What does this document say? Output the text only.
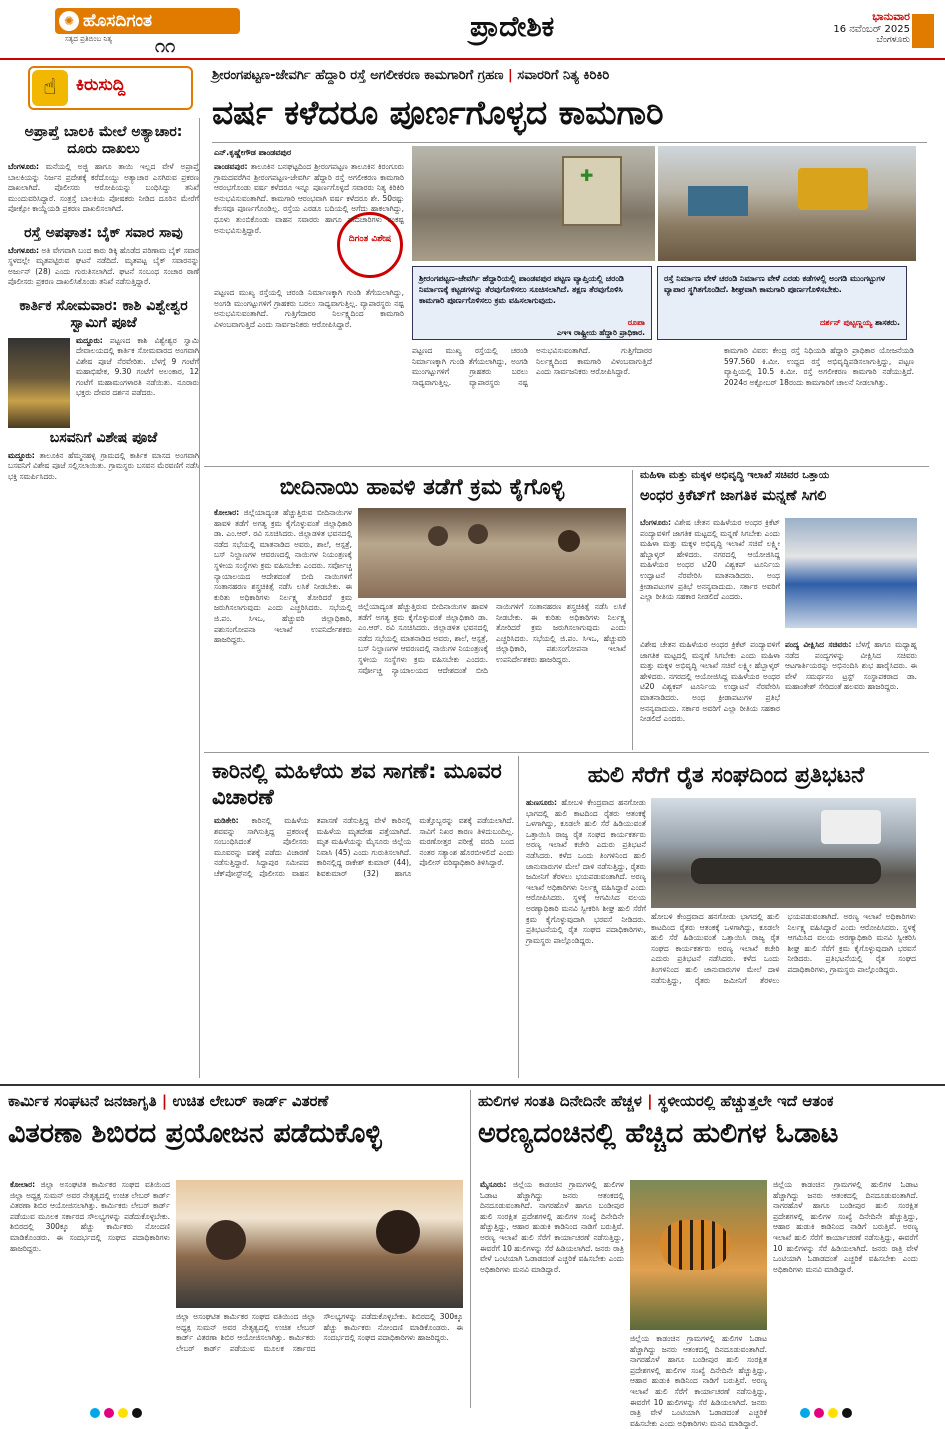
✺ ಹೊಸದಿಗಂತ
ಸತ್ಯದ ಪ್ರತಿಬಿಂಬ ನಿತ್ಯ ೧೧
ಪ್ರಾದೇಶಿಕ	ಭಾನುವಾರ
16 ನವೆಂಬರ್ 2025
ಬೆಂಗಳೂರು
☝	ಕಿರುಸುದ್ದಿ
ಅಪ್ರಾಪ್ತೆ ಬಾಲಕಿ ಮೇಲೆ ಅತ್ಯಾಚಾರ: ದೂರು ದಾಖಲು
ಬೆಂಗಳೂರು: ಮನೆಯಲ್ಲಿ ಅಜ್ಜಿ ಹಾಗೂ ತಾಯಿ ಇಲ್ಲದ ವೇಳೆ ಅಪ್ರಾಪ್ತೆ ಬಾಲಕಿಯನ್ನು ನಿರ್ಜನ ಪ್ರದೇಶಕ್ಕೆ ಕರೆದೊಯ್ದು ಅತ್ಯಾಚಾರ ಎಸಗಿರುವ ಪ್ರಕರಣ ದಾಖಲಾಗಿದೆ. ಪೊಲೀಸರು ಆರೋಪಿಯನ್ನು ಬಂಧಿಸಿದ್ದು ತನಿಖೆ ಮುಂದುವರಿಸಿದ್ದಾರೆ. ಸಂತ್ರಸ್ತೆ ಬಾಲಕಿಯ ಪೋಷಕರು ನೀಡಿದ ದೂರಿನ ಮೇರೆಗೆ ಪೋಕ್ಸೋ ಕಾಯ್ದೆಯಡಿ ಪ್ರಕರಣ ದಾಖಲಿಸಲಾಗಿದೆ.
ರಸ್ತೆ ಅಪಘಾತ: ಬೈಕ್ ಸವಾರ ಸಾವು
ಬೆಂಗಳೂರು: ಅತಿ ವೇಗವಾಗಿ ಬಂದ ಕಾರು ಡಿಕ್ಕಿ ಹೊಡೆದ ಪರಿಣಾಮ ಬೈಕ್ ಸವಾರ ಸ್ಥಳದಲ್ಲೇ ಮೃತಪಟ್ಟಿರುವ ಘಟನೆ ನಡೆದಿದೆ. ಮೃತಪಟ್ಟ ಬೈಕ್ ಸವಾರನನ್ನು ಅರ್ಜುನ್ (28) ಎಂದು ಗುರುತಿಸಲಾಗಿದೆ. ಘಟನೆ ಸಂಬಂಧ ಸಂಚಾರ ಠಾಣೆ ಪೊಲೀಸರು ಪ್ರಕರಣ ದಾಖಲಿಸಿಕೊಂಡು ತನಿಖೆ ನಡೆಸುತ್ತಿದ್ದಾರೆ.
ಕಾರ್ತಿಕ ಸೋಮವಾರ: ಕಾಶಿ ವಿಶ್ವೇಶ್ವರ ಸ್ವಾಮಿಗೆ ಪೂಜೆ
ಮದ್ದೂರು: ಪಟ್ಟಣದ ಕಾಶಿ ವಿಶ್ವೇಶ್ವರ ಸ್ವಾಮಿ ದೇವಾಲಯದಲ್ಲಿ ಕಾರ್ತಿಕ ಸೋಮವಾರದ ಅಂಗವಾಗಿ ವಿಶೇಷ ಪೂಜೆ ನೆರವೇರಿತು. ಬೆಳಗ್ಗೆ 9 ಗಂಟೆಗೆ ಮಹಾಭಿಷೇಕ, 9.30 ಗಂಟೆಗೆ ಅಲಂಕಾರ, 12 ಗಂಟೆಗೆ ಮಹಾಮಂಗಳಾರತಿ ನಡೆಯಿತು. ನೂರಾರು ಭಕ್ತರು ದೇವರ ದರ್ಶನ ಪಡೆದರು.
ಬಸವನಿಗೆ ವಿಶೇಷ ಪೂಜೆ
ಮದ್ದೂರು: ತಾಲೂಕಿನ ಹೆಮ್ಮನಹಳ್ಳಿ ಗ್ರಾಮದಲ್ಲಿ ಕಾರ್ತಿಕ ಮಾಸದ ಅಂಗವಾಗಿ ಬಸವನಿಗೆ ವಿಶೇಷ ಪೂಜೆ ಸಲ್ಲಿಸಲಾಯಿತು. ಗ್ರಾಮಸ್ಥರು ಬಸವನ ಮೆರವಣಿಗೆ ನಡೆಸಿ ಭಕ್ತಿ ಸಮರ್ಪಿಸಿದರು.
ಶ್ರೀರಂಗಪಟ್ಟಣ-ಜೇವರ್ಗಿ ಹೆದ್ದಾರಿ ರಸ್ತೆ ಅಗಲೀಕರಣ ಕಾಮಗಾರಿಗೆ ಗ್ರಹಣ | ಸವಾರರಿಗೆ ನಿತ್ಯ ಕಿರಿಕಿರಿ
ವರ್ಷ ಕಳೆದರೂ ಪೂರ್ಣಗೊಳ್ಳದ ಕಾಮಗಾರಿ
ಎನ್.ಕೃಷ್ಣೇಗೌಡ ಪಾಂಡವಪುರ
✚
ದಿಗಂತ ವಿಶೇಷ
ಪಾಂಡವಪುರ: ತಾಲೂಕಿನ ಬನಘಟ್ಟದಿಂದ ಶ್ರೀರಂಗಪಟ್ಟಣ ತಾಲೂಕಿನ ಕಿರಂಗೂರು ಗ್ರಾಮದವರೆಗಿನ ಶ್ರೀರಂಗಪಟ್ಟಣ-ಜೇವರ್ಗಿ ಹೆದ್ದಾರಿ ರಸ್ತೆ ಅಗಲೀಕರಣ ಕಾಮಗಾರಿ ಆರಂಭಗೊಂಡು ವರ್ಷ ಕಳೆದರೂ ಇನ್ನೂ ಪೂರ್ಣಗೊಳ್ಳದೆ ಸವಾರರು ನಿತ್ಯ ಕಿರಿಕಿರಿ ಅನುಭವಿಸುವಂತಾಗಿದೆ. ಕಾಮಗಾರಿ ಆರಂಭವಾಗಿ ವರ್ಷ ಕಳೆದರೂ ಶೇ. 50ರಷ್ಟು ಕೆಲಸವೂ ಪೂರ್ಣಗೊಂಡಿಲ್ಲ. ರಸ್ತೆಯ ಎರಡೂ ಬದಿಯಲ್ಲಿ ಅಗೆದು ಹಾಕಲಾಗಿದ್ದು, ಧೂಳು ತುಂಬಿಕೊಂಡು ವಾಹನ ಸವಾರರು ಹಾಗೂ ಪಾದಚಾರಿಗಳು ಸಂಕಷ್ಟ ಅನುಭವಿಸುತ್ತಿದ್ದಾರೆ.
ಪಟ್ಟಣದ ಮುಖ್ಯ ರಸ್ತೆಯಲ್ಲಿ ಚರಂಡಿ ನಿರ್ಮಾಣಕ್ಕಾಗಿ ಗುಂಡಿ ತೆಗೆಯಲಾಗಿದ್ದು, ಅಂಗಡಿ ಮುಂಗಟ್ಟುಗಳಿಗೆ ಗ್ರಾಹಕರು ಬರಲು ಸಾಧ್ಯವಾಗುತ್ತಿಲ್ಲ. ವ್ಯಾಪಾರಸ್ಥರು ನಷ್ಟ ಅನುಭವಿಸುವಂತಾಗಿದೆ. ಗುತ್ತಿಗೆದಾರರ ನಿರ್ಲಕ್ಷ್ಯದಿಂದ ಕಾಮಗಾರಿ ವಿಳಂಬವಾಗುತ್ತಿದೆ ಎಂದು ಸಾರ್ವಜನಿಕರು ಆರೋಪಿಸಿದ್ದಾರೆ.
ಶ್ರೀರಂಗಪಟ್ಟಣ-ಜೇವರ್ಗಿ ಹೆದ್ದಾರಿಯಲ್ಲಿ ಪಾಂಡವಪುರ ಪಟ್ಟಣ ವ್ಯಾಪ್ತಿಯಲ್ಲಿ ಚರಂಡಿ ನಿರ್ಮಾಣಕ್ಕೆ ಕಟ್ಟಡಗಳನ್ನು ತೆರವುಗೊಳಿಸಲು ಸೂಚಿಸಲಾಗಿದೆ. ತಕ್ಷಣ ತೆರವುಗೊಳಿಸಿ ಕಾಮಗಾರಿ ಪೂರ್ಣಗೊಳಿಸಲು ಕ್ರಮ ವಹಿಸಲಾಗುವುದು.
ರೂಪಾ
ಎಇಇ ರಾಷ್ಟ್ರೀಯ ಹೆದ್ದಾರಿ ಪ್ರಾಧಿಕಾರ.
ರಸ್ತೆ ನಿರ್ಮಾಣ ವೇಳೆ ಚರಂಡಿ ನಿರ್ಮಾಣ ವೇಳೆ ಎರಡು ಕಡೆಗಳಲ್ಲಿ ಅಂಗಡಿ ಮುಂಗಟ್ಟುಗಳ ವ್ಯಾಪಾರ ಸ್ಥಗಿತಗೊಂಡಿದೆ. ಶೀಘ್ರವಾಗಿ ಕಾಮಗಾರಿ ಪೂರ್ಣಗೊಳಿಸಬೇಕು.
ದರ್ಶನ್ ಪುಟ್ಟಣ್ಣಯ್ಯ ಶಾಸಕರು.
ಪಟ್ಟಣದ ಮುಖ್ಯ ರಸ್ತೆಯಲ್ಲಿ ಚರಂಡಿ ನಿರ್ಮಾಣಕ್ಕಾಗಿ ಗುಂಡಿ ತೆಗೆಯಲಾಗಿದ್ದು, ಅಂಗಡಿ ಮುಂಗಟ್ಟುಗಳಿಗೆ ಗ್ರಾಹಕರು ಬರಲು ಸಾಧ್ಯವಾಗುತ್ತಿಲ್ಲ. ವ್ಯಾಪಾರಸ್ಥರು ನಷ್ಟ ಅನುಭವಿಸುವಂತಾಗಿದೆ. ಗುತ್ತಿಗೆದಾರರ ನಿರ್ಲಕ್ಷ್ಯದಿಂದ ಕಾಮಗಾರಿ ವಿಳಂಬವಾಗುತ್ತಿದೆ ಎಂದು ಸಾರ್ವಜನಿಕರು ಆರೋಪಿಸಿದ್ದಾರೆ.
ಕಾಮಗಾರಿ ವಿವರ: ಕೇಂದ್ರ ರಸ್ತೆ ನಿಧಿಯಡಿ ಹೆದ್ದಾರಿ ಪ್ರಾಧಿಕಾರ ಯೋಜನೆಯಡಿ 597.560 ಕಿ.ಮೀ. ಉದ್ದದ ರಸ್ತೆ ಅಭಿವೃದ್ಧಿಪಡಿಸಲಾಗುತ್ತಿದ್ದು, ಪಟ್ಟಣ ವ್ಯಾಪ್ತಿಯಲ್ಲಿ 10.5 ಕಿ.ಮೀ. ರಸ್ತೆ ಅಗಲೀಕರಣ ಕಾಮಗಾರಿ ನಡೆಯುತ್ತಿದೆ. 2024ರ ಅಕ್ಟೋಬರ್ 18ರಂದು ಕಾಮಗಾರಿಗೆ ಚಾಲನೆ ನೀಡಲಾಗಿತ್ತು.
ಬೀದಿನಾಯಿ ಹಾವಳಿ ತಡೆಗೆ ಕ್ರಮ ಕೈಗೊಳ್ಳಿ
ಕೋಲಾರ: ಜಿಲ್ಲೆಯಾದ್ಯಂತ ಹೆಚ್ಚುತ್ತಿರುವ ಬೀದಿನಾಯಿಗಳ ಹಾವಳಿ ತಡೆಗೆ ಅಗತ್ಯ ಕ್ರಮ ಕೈಗೊಳ್ಳುವಂತೆ ಜಿಲ್ಲಾಧಿಕಾರಿ ಡಾ. ಎಂ.ಆರ್. ರವಿ ಸೂಚಿಸಿದರು. ಜಿಲ್ಲಾಡಳಿತ ಭವನದಲ್ಲಿ ನಡೆದ ಸಭೆಯಲ್ಲಿ ಮಾತನಾಡಿದ ಅವರು, ಶಾಲೆ, ಆಸ್ಪತ್ರೆ, ಬಸ್ ನಿಲ್ದಾಣಗಳ ಆವರಣದಲ್ಲಿ ನಾಯಿಗಳ ನಿಯಂತ್ರಣಕ್ಕೆ ಸ್ಥಳೀಯ ಸಂಸ್ಥೆಗಳು ಕ್ರಮ ವಹಿಸಬೇಕು ಎಂದರು. ಸರ್ವೋಚ್ಚ ನ್ಯಾಯಾಲಯದ ಆದೇಶದಂತೆ ಬೀದಿ ನಾಯಿಗಳಿಗೆ ಸಂತಾನಹರಣ ಶಸ್ತ್ರಚಿಕಿತ್ಸೆ ನಡೆಸಿ ಲಸಿಕೆ ನೀಡಬೇಕು. ಈ ಕುರಿತು ಅಧಿಕಾರಿಗಳು ನಿರ್ಲಕ್ಷ್ಯ ತೋರಿದರೆ ಕ್ರಮ ಜರುಗಿಸಲಾಗುವುದು ಎಂದು ಎಚ್ಚರಿಸಿದರು. ಸಭೆಯಲ್ಲಿ ಜಿ.ಪಂ. ಸಿಇಒ, ಹೆಚ್ಚುವರಿ ಜಿಲ್ಲಾಧಿಕಾರಿ, ಪಶುಸಂಗೋಪನಾ ಇಲಾಖೆ ಉಪನಿರ್ದೇಶಕರು ಹಾಜರಿದ್ದರು.
ಜಿಲ್ಲೆಯಾದ್ಯಂತ ಹೆಚ್ಚುತ್ತಿರುವ ಬೀದಿನಾಯಿಗಳ ಹಾವಳಿ ತಡೆಗೆ ಅಗತ್ಯ ಕ್ರಮ ಕೈಗೊಳ್ಳುವಂತೆ ಜಿಲ್ಲಾಧಿಕಾರಿ ಡಾ. ಎಂ.ಆರ್. ರವಿ ಸೂಚಿಸಿದರು. ಜಿಲ್ಲಾಡಳಿತ ಭವನದಲ್ಲಿ ನಡೆದ ಸಭೆಯಲ್ಲಿ ಮಾತನಾಡಿದ ಅವರು, ಶಾಲೆ, ಆಸ್ಪತ್ರೆ, ಬಸ್ ನಿಲ್ದಾಣಗಳ ಆವರಣದಲ್ಲಿ ನಾಯಿಗಳ ನಿಯಂತ್ರಣಕ್ಕೆ ಸ್ಥಳೀಯ ಸಂಸ್ಥೆಗಳು ಕ್ರಮ ವಹಿಸಬೇಕು ಎಂದರು. ಸರ್ವೋಚ್ಚ ನ್ಯಾಯಾಲಯದ ಆದೇಶದಂತೆ ಬೀದಿ ನಾಯಿಗಳಿಗೆ ಸಂತಾನಹರಣ ಶಸ್ತ್ರಚಿಕಿತ್ಸೆ ನಡೆಸಿ ಲಸಿಕೆ ನೀಡಬೇಕು. ಈ ಕುರಿತು ಅಧಿಕಾರಿಗಳು ನಿರ್ಲಕ್ಷ್ಯ ತೋರಿದರೆ ಕ್ರಮ ಜರುಗಿಸಲಾಗುವುದು ಎಂದು ಎಚ್ಚರಿಸಿದರು. ಸಭೆಯಲ್ಲಿ ಜಿ.ಪಂ. ಸಿಇಒ, ಹೆಚ್ಚುವರಿ ಜಿಲ್ಲಾಧಿಕಾರಿ, ಪಶುಸಂಗೋಪನಾ ಇಲಾಖೆ ಉಪನಿರ್ದೇಶಕರು ಹಾಜರಿದ್ದರು.
ಮಹಿಳಾ ಮತ್ತು ಮಕ್ಕಳ ಅಭಿವೃದ್ಧಿ ಇಲಾಖೆ ಸಚಿವರ ಒತ್ತಾಯ
ಅಂಧರ ಕ್ರಿಕೆಟ್‌ಗೆ ಜಾಗತಿಕ ಮನ್ನಣೆ ಸಿಗಲಿ
ಬೆಂಗಳೂರು: ವಿಶೇಷ ಚೇತನ ಮಹಿಳೆಯರ ಅಂಧರ ಕ್ರಿಕೆಟ್ ಪಂದ್ಯಾವಳಿಗೆ ಜಾಗತಿಕ ಮಟ್ಟದಲ್ಲಿ ಮನ್ನಣೆ ಸಿಗಬೇಕು ಎಂದು ಮಹಿಳಾ ಮತ್ತು ಮಕ್ಕಳ ಅಭಿವೃದ್ಧಿ ಇಲಾಖೆ ಸಚಿವೆ ಲಕ್ಷ್ಮೀ ಹೆಬ್ಬಾಳ್ಕರ್ ಹೇಳಿದರು. ನಗರದಲ್ಲಿ ಆಯೋಜಿಸಿದ್ದ ಮಹಿಳೆಯರ ಅಂಧರ ಟಿ20 ವಿಶ್ವಕಪ್ ಟೂರ್ನಿಯ ಉದ್ಘಾಟನೆ ನೆರವೇರಿಸಿ ಮಾತನಾಡಿದರು. ಅಂಧ ಕ್ರೀಡಾಪಟುಗಳ ಪ್ರತಿಭೆ ಅನನ್ಯವಾದುದು. ಸರ್ಕಾರ ಅವರಿಗೆ ಎಲ್ಲಾ ರೀತಿಯ ಸಹಕಾರ ನೀಡಲಿದೆ ಎಂದರು.
ಪಂದ್ಯ ವೀಕ್ಷಿಸಿದ ಸಚಿವರು: ಬೆಳಗ್ಗೆ ಹಾಗೂ ಮಧ್ಯಾಹ್ನ ನಡೆದ ಪಂದ್ಯಗಳನ್ನು ವೀಕ್ಷಿಸಿದ ಸಚಿವರು ಆಟಗಾರ್ತಿಯರನ್ನು ಅಭಿನಂದಿಸಿ ಶುಭ ಹಾರೈಸಿದರು. ಈ ವೇಳೆ ಸಮರ್ಥನಂ ಟ್ರಸ್ಟ್ ಸಂಸ್ಥಾಪಕರಾದ ಡಾ. ಮಹಾಂತೇಶ್ ಸೇರಿದಂತೆ ಹಲವರು ಹಾಜರಿದ್ದರು.
ವಿಶೇಷ ಚೇತನ ಮಹಿಳೆಯರ ಅಂಧರ ಕ್ರಿಕೆಟ್ ಪಂದ್ಯಾವಳಿಗೆ ಜಾಗತಿಕ ಮಟ್ಟದಲ್ಲಿ ಮನ್ನಣೆ ಸಿಗಬೇಕು ಎಂದು ಮಹಿಳಾ ಮತ್ತು ಮಕ್ಕಳ ಅಭಿವೃದ್ಧಿ ಇಲಾಖೆ ಸಚಿವೆ ಲಕ್ಷ್ಮೀ ಹೆಬ್ಬಾಳ್ಕರ್ ಹೇಳಿದರು. ನಗರದಲ್ಲಿ ಆಯೋಜಿಸಿದ್ದ ಮಹಿಳೆಯರ ಅಂಧರ ಟಿ20 ವಿಶ್ವಕಪ್ ಟೂರ್ನಿಯ ಉದ್ಘಾಟನೆ ನೆರವೇರಿಸಿ ಮಾತನಾಡಿದರು. ಅಂಧ ಕ್ರೀಡಾಪಟುಗಳ ಪ್ರತಿಭೆ ಅನನ್ಯವಾದುದು. ಸರ್ಕಾರ ಅವರಿಗೆ ಎಲ್ಲಾ ರೀತಿಯ ಸಹಕಾರ ನೀಡಲಿದೆ ಎಂದರು.
ಕಾರಿನಲ್ಲಿ ಮಹಿಳೆಯ ಶವ ಸಾಗಣೆ: ಮೂವರ ವಿಚಾರಣೆ
ಮಡಿಕೇರಿ: ಕಾರಿನಲ್ಲಿ ಮಹಿಳೆಯ ಶವವನ್ನು ಸಾಗಿಸುತ್ತಿದ್ದ ಪ್ರಕರಣಕ್ಕೆ ಸಂಬಂಧಿಸಿದಂತೆ ಪೊಲೀಸರು ಮೂವರನ್ನು ವಶಕ್ಕೆ ಪಡೆದು ವಿಚಾರಣೆ ನಡೆಸುತ್ತಿದ್ದಾರೆ. ಸಿದ್ದಾಪುರ ಸಮೀಪದ ಚೆಕ್‌ಪೋಸ್ಟ್‌ನಲ್ಲಿ ಪೊಲೀಸರು ವಾಹನ ತಪಾಸಣೆ ನಡೆಸುತ್ತಿದ್ದ ವೇಳೆ ಕಾರಿನಲ್ಲಿ ಮಹಿಳೆಯ ಮೃತದೇಹ ಪತ್ತೆಯಾಗಿದೆ. ಮೃತ ಮಹಿಳೆಯನ್ನು ಮೈಸೂರು ಜಿಲ್ಲೆಯ ನಿವಾಸಿ (45) ಎಂದು ಗುರುತಿಸಲಾಗಿದೆ. ಕಾರಿನಲ್ಲಿದ್ದ ರಾಕೇಶ್ ಕುಮಾರ್ (44), ಶಿವಕುಮಾರ್ (32) ಹಾಗೂ ಮತ್ತೊಬ್ಬರನ್ನು ವಶಕ್ಕೆ ಪಡೆಯಲಾಗಿದೆ. ಸಾವಿಗೆ ನಿಖರ ಕಾರಣ ತಿಳಿದುಬಂದಿಲ್ಲ. ಮರಣೋತ್ತರ ಪರೀಕ್ಷೆ ವರದಿ ಬಂದ ನಂತರ ಸತ್ಯಾಂಶ ಹೊರಬೀಳಲಿದೆ ಎಂದು ಪೊಲೀಸ್ ವರಿಷ್ಠಾಧಿಕಾರಿ ತಿಳಿಸಿದ್ದಾರೆ.
ಹುಲಿ ಸೆರೆಗೆ ರೈತ ಸಂಘದಿಂದ ಪ್ರತಿಭಟನೆ
ಹುಣಸೂರು: ಹೋಬಳಿ ಕೇಂದ್ರವಾದ ಹನಗೋಡು ಭಾಗದಲ್ಲಿ ಹುಲಿ ಕಾಟದಿಂದ ರೈತರು ಆತಂಕಕ್ಕೆ ಒಳಗಾಗಿದ್ದು, ಕೂಡಲೇ ಹುಲಿ ಸೆರೆ ಹಿಡಿಯುವಂತೆ ಒತ್ತಾಯಿಸಿ ರಾಜ್ಯ ರೈತ ಸಂಘದ ಕಾರ್ಯಕರ್ತರು ಅರಣ್ಯ ಇಲಾಖೆ ಕಚೇರಿ ಎದುರು ಪ್ರತಿಭಟನೆ ನಡೆಸಿದರು. ಕಳೆದ ಒಂದು ತಿಂಗಳಿನಿಂದ ಹುಲಿ ಜಾನುವಾರುಗಳ ಮೇಲೆ ದಾಳಿ ನಡೆಸುತ್ತಿದ್ದು, ರೈತರು ಜಮೀನಿಗೆ ತೆರಳಲು ಭಯಪಡುವಂತಾಗಿದೆ. ಅರಣ್ಯ ಇಲಾಖೆ ಅಧಿಕಾರಿಗಳು ನಿರ್ಲಕ್ಷ್ಯ ವಹಿಸಿದ್ದಾರೆ ಎಂದು ಆರೋಪಿಸಿದರು. ಸ್ಥಳಕ್ಕೆ ಆಗಮಿಸಿದ ವಲಯ ಅರಣ್ಯಾಧಿಕಾರಿ ಮನವಿ ಸ್ವೀಕರಿಸಿ ಶೀಘ್ರ ಹುಲಿ ಸೆರೆಗೆ ಕ್ರಮ ಕೈಗೊಳ್ಳುವುದಾಗಿ ಭರವಸೆ ನೀಡಿದರು. ಪ್ರತಿಭಟನೆಯಲ್ಲಿ ರೈತ ಸಂಘದ ಪದಾಧಿಕಾರಿಗಳು, ಗ್ರಾಮಸ್ಥರು ಪಾಲ್ಗೊಂಡಿದ್ದರು.
ಹೋಬಳಿ ಕೇಂದ್ರವಾದ ಹನಗೋಡು ಭಾಗದಲ್ಲಿ ಹುಲಿ ಕಾಟದಿಂದ ರೈತರು ಆತಂಕಕ್ಕೆ ಒಳಗಾಗಿದ್ದು, ಕೂಡಲೇ ಹುಲಿ ಸೆರೆ ಹಿಡಿಯುವಂತೆ ಒತ್ತಾಯಿಸಿ ರಾಜ್ಯ ರೈತ ಸಂಘದ ಕಾರ್ಯಕರ್ತರು ಅರಣ್ಯ ಇಲಾಖೆ ಕಚೇರಿ ಎದುರು ಪ್ರತಿಭಟನೆ ನಡೆಸಿದರು. ಕಳೆದ ಒಂದು ತಿಂಗಳಿನಿಂದ ಹುಲಿ ಜಾನುವಾರುಗಳ ಮೇಲೆ ದಾಳಿ ನಡೆಸುತ್ತಿದ್ದು, ರೈತರು ಜಮೀನಿಗೆ ತೆರಳಲು ಭಯಪಡುವಂತಾಗಿದೆ. ಅರಣ್ಯ ಇಲಾಖೆ ಅಧಿಕಾರಿಗಳು ನಿರ್ಲಕ್ಷ್ಯ ವಹಿಸಿದ್ದಾರೆ ಎಂದು ಆರೋಪಿಸಿದರು. ಸ್ಥಳಕ್ಕೆ ಆಗಮಿಸಿದ ವಲಯ ಅರಣ್ಯಾಧಿಕಾರಿ ಮನವಿ ಸ್ವೀಕರಿಸಿ ಶೀಘ್ರ ಹುಲಿ ಸೆರೆಗೆ ಕ್ರಮ ಕೈಗೊಳ್ಳುವುದಾಗಿ ಭರವಸೆ ನೀಡಿದರು. ಪ್ರತಿಭಟನೆಯಲ್ಲಿ ರೈತ ಸಂಘದ ಪದಾಧಿಕಾರಿಗಳು, ಗ್ರಾಮಸ್ಥರು ಪಾಲ್ಗೊಂಡಿದ್ದರು.
ಕಾರ್ಮಿಕ ಸಂಘಟನೆ ಜನಜಾಗೃತಿ | ಉಚಿತ ಲೇಬರ್ ಕಾರ್ಡ್ ವಿತರಣೆ
ವಿತರಣಾ ಶಿಬಿರದ ಪ್ರಯೋಜನ ಪಡೆದುಕೊಳ್ಳಿ
ಕೋಲಾರ: ಜಿಲ್ಲಾ ಅಸಂಘಟಿತ ಕಾರ್ಮಿಕರ ಸಂಘದ ವತಿಯಿಂದ ಜಿಲ್ಲಾ ಅಧ್ಯಕ್ಷ ಸುಮನ್ ಅವರ ನೇತೃತ್ವದಲ್ಲಿ ಉಚಿತ ಲೇಬರ್ ಕಾರ್ಡ್ ವಿತರಣಾ ಶಿಬಿರ ಆಯೋಜಿಸಲಾಗಿತ್ತು. ಕಾರ್ಮಿಕರು ಲೇಬರ್ ಕಾರ್ಡ್ ಪಡೆಯುವ ಮೂಲಕ ಸರ್ಕಾರದ ಸೌಲಭ್ಯಗಳನ್ನು ಪಡೆದುಕೊಳ್ಳಬೇಕು. ಶಿಬಿರದಲ್ಲಿ 300ಕ್ಕೂ ಹೆಚ್ಚು ಕಾರ್ಮಿಕರು ನೋಂದಣಿ ಮಾಡಿಕೊಂಡರು. ಈ ಸಂದರ್ಭದಲ್ಲಿ ಸಂಘದ ಪದಾಧಿಕಾರಿಗಳು ಹಾಜರಿದ್ದರು.
ಜಿಲ್ಲಾ ಅಸಂಘಟಿತ ಕಾರ್ಮಿಕರ ಸಂಘದ ವತಿಯಿಂದ ಜಿಲ್ಲಾ ಅಧ್ಯಕ್ಷ ಸುಮನ್ ಅವರ ನೇತೃತ್ವದಲ್ಲಿ ಉಚಿತ ಲೇಬರ್ ಕಾರ್ಡ್ ವಿತರಣಾ ಶಿಬಿರ ಆಯೋಜಿಸಲಾಗಿತ್ತು. ಕಾರ್ಮಿಕರು ಲೇಬರ್ ಕಾರ್ಡ್ ಪಡೆಯುವ ಮೂಲಕ ಸರ್ಕಾರದ ಸೌಲಭ್ಯಗಳನ್ನು ಪಡೆದುಕೊಳ್ಳಬೇಕು. ಶಿಬಿರದಲ್ಲಿ 300ಕ್ಕೂ ಹೆಚ್ಚು ಕಾರ್ಮಿಕರು ನೋಂದಣಿ ಮಾಡಿಕೊಂಡರು. ಈ ಸಂದರ್ಭದಲ್ಲಿ ಸಂಘದ ಪದಾಧಿಕಾರಿಗಳು ಹಾಜರಿದ್ದರು.
ಹುಲಿಗಳ ಸಂತತಿ ದಿನೇದಿನೇ ಹೆಚ್ಚಳ | ಸ್ಥಳೀಯರಲ್ಲಿ ಹೆಚ್ಚುತ್ತಲೇ ಇದೆ ಆತಂಕ
ಅರಣ್ಯದಂಚಿನಲ್ಲಿ ಹೆಚ್ಚಿದ ಹುಲಿಗಳ ಓಡಾಟ
ಮೈಸೂರು: ಜಿಲ್ಲೆಯ ಕಾಡಂಚಿನ ಗ್ರಾಮಗಳಲ್ಲಿ ಹುಲಿಗಳ ಓಡಾಟ ಹೆಚ್ಚಾಗಿದ್ದು ಜನರು ಆತಂಕದಲ್ಲಿ ದಿನದೂಡುವಂತಾಗಿದೆ. ನಾಗರಹೊಳೆ ಹಾಗೂ ಬಂಡೀಪುರ ಹುಲಿ ಸಂರಕ್ಷಿತ ಪ್ರದೇಶಗಳಲ್ಲಿ ಹುಲಿಗಳ ಸಂಖ್ಯೆ ದಿನೇದಿನೇ ಹೆಚ್ಚುತ್ತಿದ್ದು, ಆಹಾರ ಹುಡುಕಿ ಕಾಡಿನಿಂದ ನಾಡಿಗೆ ಬರುತ್ತಿವೆ. ಅರಣ್ಯ ಇಲಾಖೆ ಹುಲಿ ಸೆರೆಗೆ ಕಾರ್ಯಾಚರಣೆ ನಡೆಸುತ್ತಿದ್ದು, ಈವರೆಗೆ 10 ಹುಲಿಗಳನ್ನು ಸೆರೆ ಹಿಡಿಯಲಾಗಿದೆ. ಜನರು ರಾತ್ರಿ ವೇಳೆ ಒಂಟಿಯಾಗಿ ಓಡಾಡದಂತೆ ಎಚ್ಚರಿಕೆ ವಹಿಸಬೇಕು ಎಂದು ಅಧಿಕಾರಿಗಳು ಮನವಿ ಮಾಡಿದ್ದಾರೆ.
ಜಿಲ್ಲೆಯ ಕಾಡಂಚಿನ ಗ್ರಾಮಗಳಲ್ಲಿ ಹುಲಿಗಳ ಓಡಾಟ ಹೆಚ್ಚಾಗಿದ್ದು ಜನರು ಆತಂಕದಲ್ಲಿ ದಿನದೂಡುವಂತಾಗಿದೆ. ನಾಗರಹೊಳೆ ಹಾಗೂ ಬಂಡೀಪುರ ಹುಲಿ ಸಂರಕ್ಷಿತ ಪ್ರದೇಶಗಳಲ್ಲಿ ಹುಲಿಗಳ ಸಂಖ್ಯೆ ದಿನೇದಿನೇ ಹೆಚ್ಚುತ್ತಿದ್ದು, ಆಹಾರ ಹುಡುಕಿ ಕಾಡಿನಿಂದ ನಾಡಿಗೆ ಬರುತ್ತಿವೆ. ಅರಣ್ಯ ಇಲಾಖೆ ಹುಲಿ ಸೆರೆಗೆ ಕಾರ್ಯಾಚರಣೆ ನಡೆಸುತ್ತಿದ್ದು, ಈವರೆಗೆ 10 ಹುಲಿಗಳನ್ನು ಸೆರೆ ಹಿಡಿಯಲಾಗಿದೆ. ಜನರು ರಾತ್ರಿ ವೇಳೆ ಒಂಟಿಯಾಗಿ ಓಡಾಡದಂತೆ ಎಚ್ಚರಿಕೆ ವಹಿಸಬೇಕು ಎಂದು ಅಧಿಕಾರಿಗಳು ಮನವಿ ಮಾಡಿದ್ದಾರೆ.
ಜಿಲ್ಲೆಯ ಕಾಡಂಚಿನ ಗ್ರಾಮಗಳಲ್ಲಿ ಹುಲಿಗಳ ಓಡಾಟ ಹೆಚ್ಚಾಗಿದ್ದು ಜನರು ಆತಂಕದಲ್ಲಿ ದಿನದೂಡುವಂತಾಗಿದೆ. ನಾಗರಹೊಳೆ ಹಾಗೂ ಬಂಡೀಪುರ ಹುಲಿ ಸಂರಕ್ಷಿತ ಪ್ರದೇಶಗಳಲ್ಲಿ ಹುಲಿಗಳ ಸಂಖ್ಯೆ ದಿನೇದಿನೇ ಹೆಚ್ಚುತ್ತಿದ್ದು, ಆಹಾರ ಹುಡುಕಿ ಕಾಡಿನಿಂದ ನಾಡಿಗೆ ಬರುತ್ತಿವೆ. ಅರಣ್ಯ ಇಲಾಖೆ ಹುಲಿ ಸೆರೆಗೆ ಕಾರ್ಯಾಚರಣೆ ನಡೆಸುತ್ತಿದ್ದು, ಈವರೆಗೆ 10 ಹುಲಿಗಳನ್ನು ಸೆರೆ ಹಿಡಿಯಲಾಗಿದೆ. ಜನರು ರಾತ್ರಿ ವೇಳೆ ಒಂಟಿಯಾಗಿ ಓಡಾಡದಂತೆ ಎಚ್ಚರಿಕೆ ವಹಿಸಬೇಕು ಎಂದು ಅಧಿಕಾರಿಗಳು ಮನವಿ ಮಾಡಿದ್ದಾರೆ.
